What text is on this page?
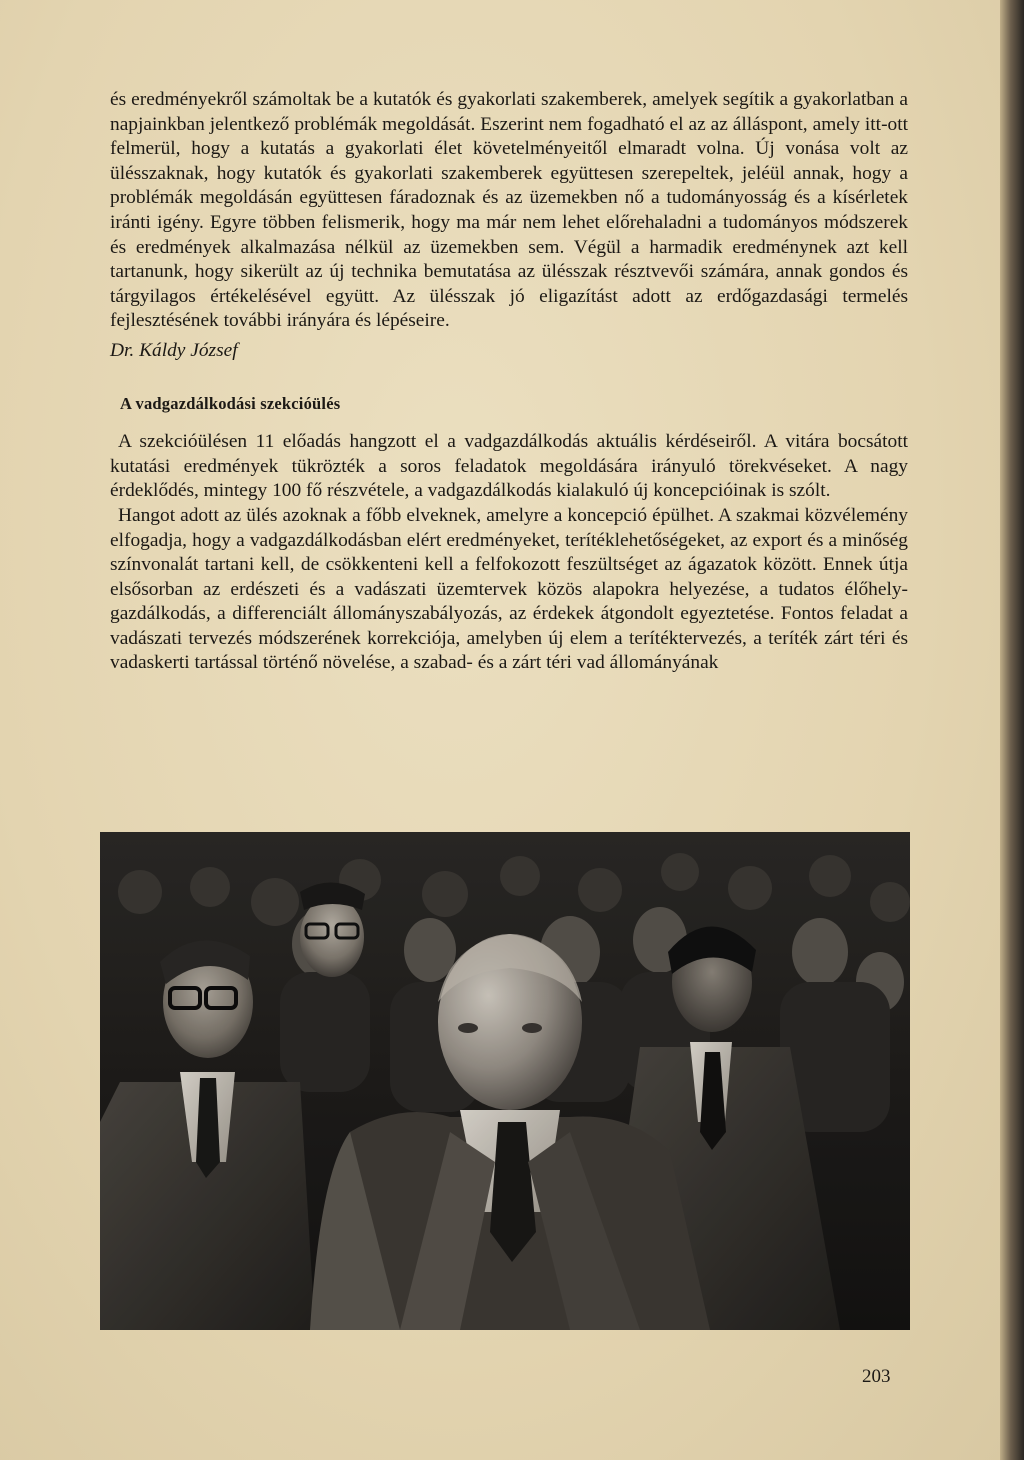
és eredményekről számoltak be a kutatók és gyakorlati szakemberek, amelyek segítik a gyakorlatban a napjainkban jelentkező problémák megoldását. Eszerint nem fogadható el az az álláspont, amely itt-ott felmerül, hogy a kutatás a gyakorlati élet követelményeitől elmaradt volna. Új vonása volt az ülésszaknak, hogy kutatók és gyakorlati szakemberek együttesen szerepeltek, jeléül annak, hogy a problémák megoldásán együttesen fáradoznak és az üzemekben nő a tudományosság és a kísérletek iránti igény. Egyre többen felismerik, hogy ma már nem lehet előrehaladni a tudományos módszerek és eredmények alkalmazása nélkül az üzemekben sem. Végül a harmadik eredménynek azt kell tartanunk, hogy sikerült az új technika bemutatása az ülésszak résztvevői számára, annak gondos és tárgyilagos értékelésével együtt. Az ülésszak jó eligazítást adott az erdőgazdasági termelés fejlesztésének további irányára és lépéseire.

Dr. Káldy József

A vadgazdálkodási szekcióülés

A szekcióülésen 11 előadás hangzott el a vadgazdálkodás aktuális kérdéseiről. A vitára bocsátott kutatási eredmények tükrözték a soros feladatok megoldására irányuló törekvéseket. A nagy érdeklődés, mintegy 100 fő részvétele, a vadgazdálkodás kialakuló új koncepcióinak is szólt.

Hangot adott az ülés azoknak a főbb elveknek, amelyre a koncepció épülhet. A szakmai közvélemény elfogadja, hogy a vadgazdálkodásban elért eredményeket, terítéklehetőségeket, az export és a minőség színvonalát tartani kell, de csökkenteni kell a felfokozott feszültséget az ágazatok között. Ennek útja elsősorban az erdészeti és a vadászati üzemtervek közös alapokra helyezése, a tudatos élőhely-gazdálkodás, a differenciált állományszabályozás, az érdekek átgondolt egyeztetése. Fontos feladat a vadászati tervezés módszerének korrekciója, amelyben új elem a terítéktervezés, a teríték zárt téri és vadaskerti tartással történő növelése, a szabad- és a zárt téri vad állományának

203
